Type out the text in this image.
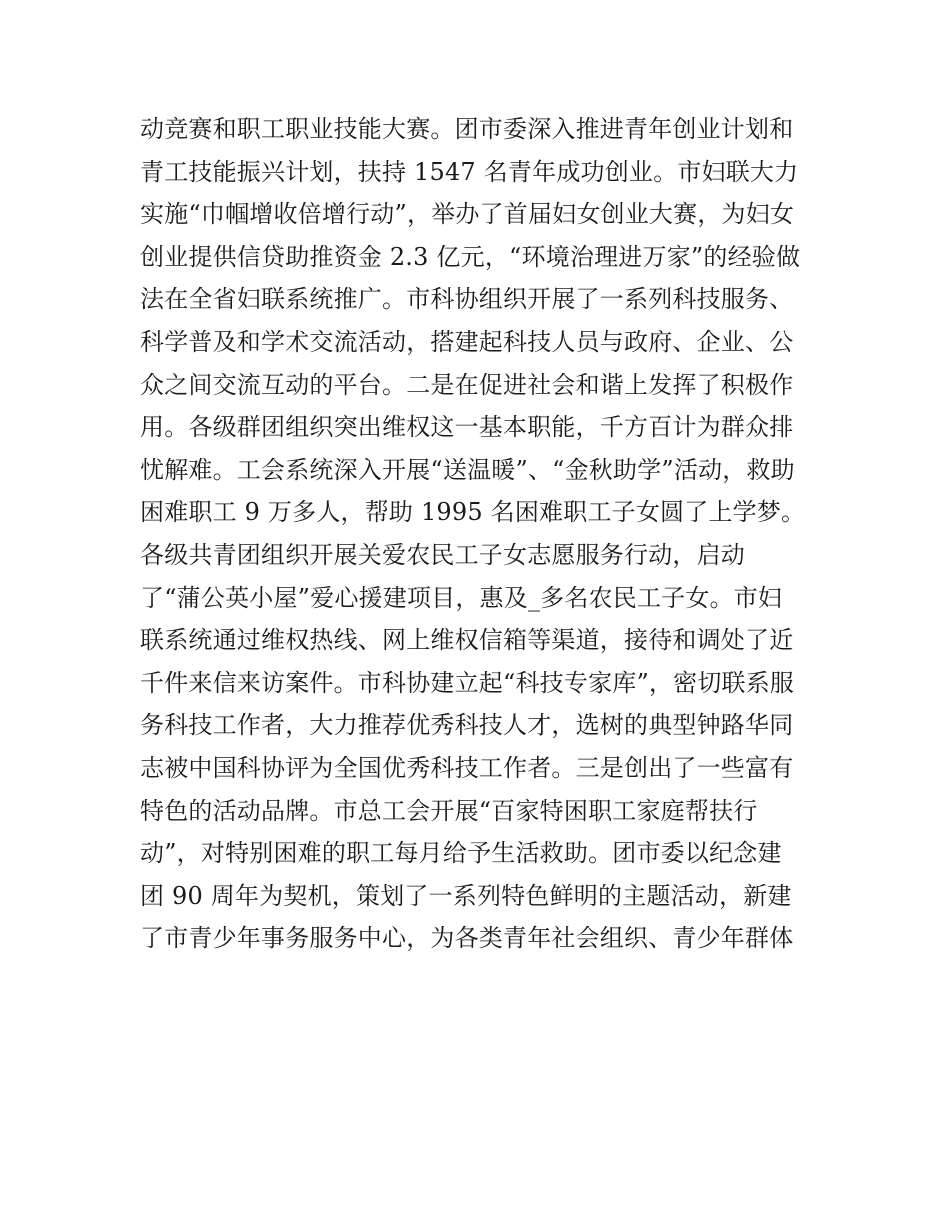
动竞赛和职工职业技能大赛。团市委深入推进青年创业计划和
青工技能振兴计划，扶持 1547 名青年成功创业。市妇联大力
实施“巾帼增收倍增行动”，举办了首届妇女创业大赛，为妇女
创业提供信贷助推资金 2.3 亿元，“环境治理进万家”的经验做
法在全省妇联系统推广。市科协组织开展了一系列科技服务、
科学普及和学术交流活动，搭建起科技人员与政府、企业、公
众之间交流互动的平台。二是在促进社会和谐上发挥了积极作
用。各级群团组织突出维权这一基本职能，千方百计为群众排
忧解难。工会系统深入开展“送温暖”、“金秋助学”活动，救助
困难职工 9 万多人，帮助 1995 名困难职工子女圆了上学梦。
各级共青团组织开展关爱农民工子女志愿服务行动，启动
了“蒲公英小屋”爱心援建项目，惠及_多名农民工子女。市妇
联系统通过维权热线、网上维权信箱等渠道，接待和调处了近
千件来信来访案件。市科协建立起“科技专家库”，密切联系服
务科技工作者，大力推荐优秀科技人才，选树的典型钟路华同
志被中国科协评为全国优秀科技工作者。三是创出了一些富有
特色的活动品牌。市总工会开展“百家特困职工家庭帮扶行
动”，对特别困难的职工每月给予生活救助。团市委以纪念建
团 90 周年为契机，策划了一系列特色鲜明的主题活动，新建
了市青少年事务服务中心，为各类青年社会组织、青少年群体
